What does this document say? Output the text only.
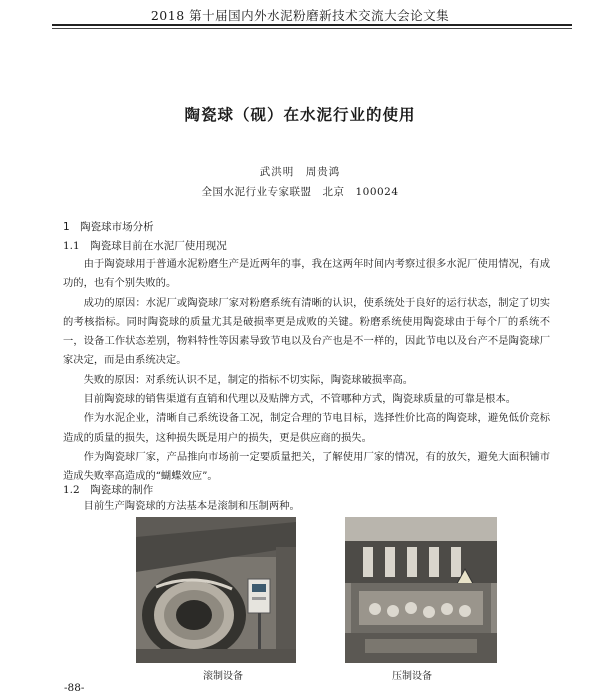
2018 第十届国内外水泥粉磨新技术交流大会论文集
陶瓷球（砚）在水泥行业的使用
武洪明　周贵鸿
全国水泥行业专家联盟　北京　100024
1　陶瓷球市场分析
1.1　陶瓷球目前在水泥厂使用现况

由于陶瓷球用于普通水泥粉磨生产是近两年的事，我在这两年时间内考察过很多水泥厂使用情况，有成功的，也有个别失败的。

成功的原因：水泥厂或陶瓷球厂家对粉磨系统有清晰的认识，使系统处于良好的运行状态，制定了切实的考核指标。同时陶瓷球的质量尤其是破损率更是成败的关键。粉磨系统使用陶瓷球由于每个厂的系统不一，设备工作状态差别，物料特性等因素导致节电以及台产也是不一样的，因此节电以及台产不是陶瓷球厂家决定，而是由系统决定。

失败的原因：对系统认识不足，制定的指标不切实际，陶瓷球破损率高。

目前陶瓷球的销售渠道有直销和代理以及贴牌方式，不管哪种方式，陶瓷球质量的可靠是根本。

作为水泥企业，清晰自己系统设备工况，制定合理的节电目标，选择性价比高的陶瓷球，避免低价竞标造成的质量的损失，这种损失既是用户的损失，更是供应商的损失。

作为陶瓷球厂家，产品推向市场前一定要质量把关，了解使用厂家的情况，有的放矢，避免大面积铺市造成失败率高造成的“蝴蝶效应”。

1.2　陶瓷球的制作

目前生产陶瓷球的方法基本是滚制和压制两种。

滚制设备	压制设备
-88-
